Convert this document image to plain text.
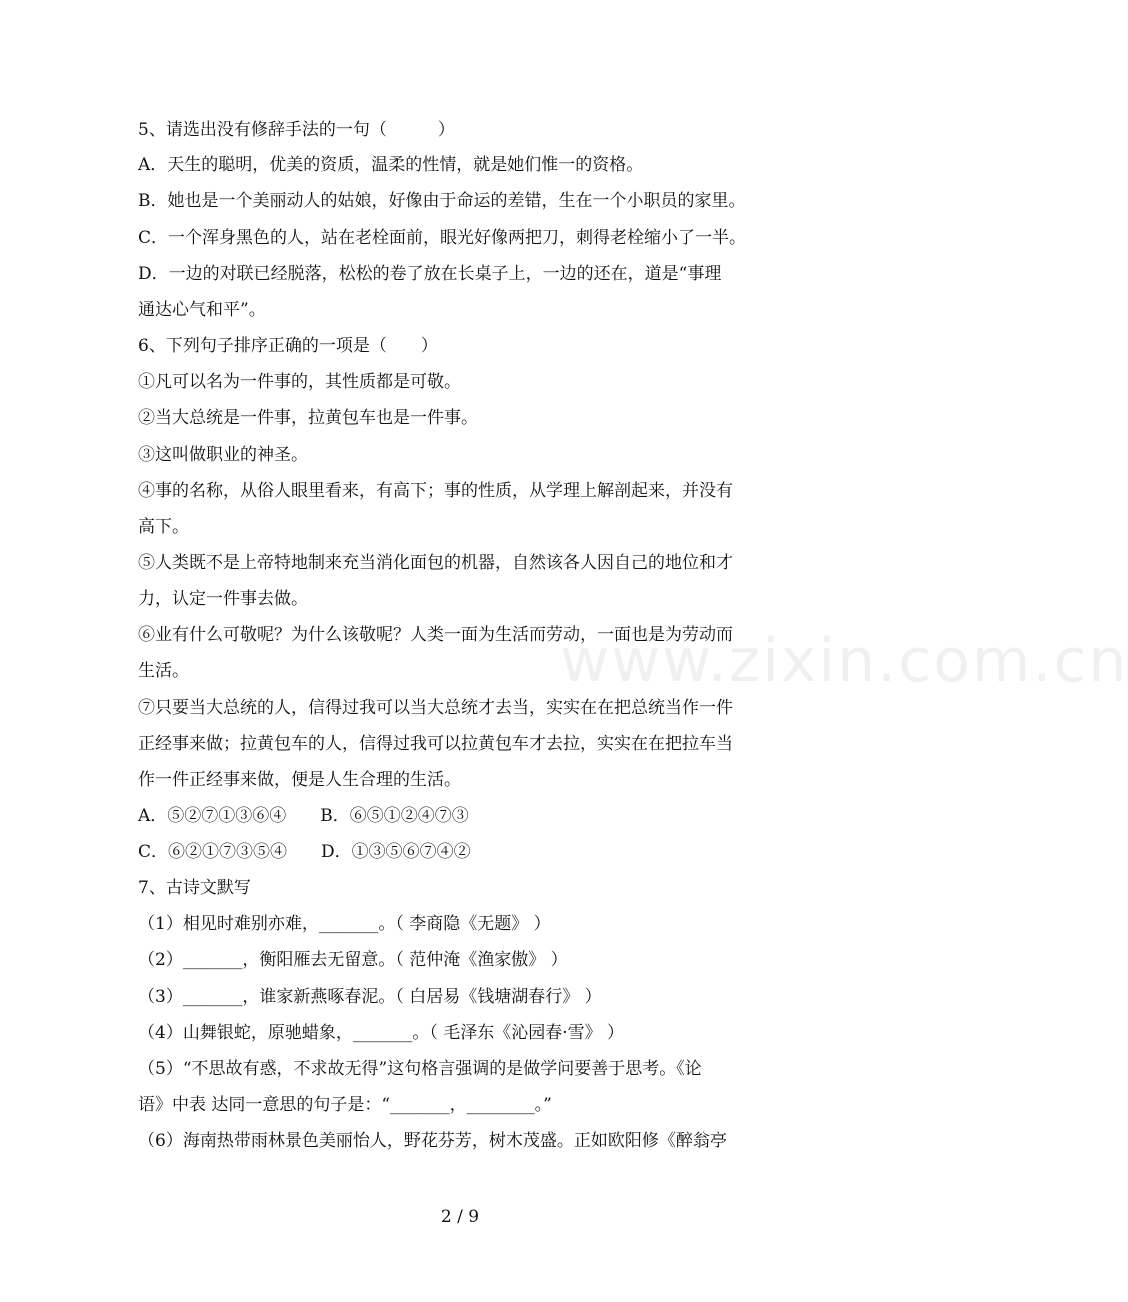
www.zixin.com.cn
5、请选出没有修辞手法的一句（　　　）
A．天生的聪明，优美的资质，温柔的性情，就是她们惟一的资格。
B．她也是一个美丽动人的姑娘，好像由于命运的差错，生在一个小职员的家里。
C．一个浑身黑色的人，站在老栓面前，眼光好像两把刀，刺得老栓缩小了一半。
D．一边的对联已经脱落，松松的卷了放在长桌子上，一边的还在，道是“事理
通达心气和平”。
6、下列句子排序正确的一项是（　　）
①凡可以名为一件事的，其性质都是可敬。
②当大总统是一件事，拉黄包车也是一件事。
③这叫做职业的神圣。
④事的名称，从俗人眼里看来，有高下；事的性质，从学理上解剖起来，并没有
高下。
⑤人类既不是上帝特地制来充当消化面包的机器，自然该各人因自己的地位和才
力，认定一件事去做。
⑥业有什么可敬呢？为什么该敬呢？人类一面为生活而劳动，一面也是为劳动而
生活。
⑦只要当大总统的人，信得过我可以当大总统才去当，实实在在把总统当作一件
正经事来做；拉黄包车的人，信得过我可以拉黄包车才去拉，实实在在把拉车当
作一件正经事来做，便是人生合理的生活。
A．⑤②⑦①③⑥④　　B．⑥⑤①②④⑦③
C．⑥②①⑦③⑤④　　D．①③⑤⑥⑦④②
7、古诗文默写
（1）相见时难别亦难，_______。（ 李商隐《无题》 ）
（2）_______，衡阳雁去无留意。（ 范仲淹《渔家傲》 ）
（3）_______，谁家新燕啄春泥。（ 白居易《钱塘湖春行》 ）
（4）山舞银蛇，原驰蜡象，_______。（ 毛泽东《沁园春·雪》 ）
（5）“不思故有惑，不求故无得”这句格言强调的是做学问要善于思考。《论
语》中表 达同一意思的句子是：“_______，________。”
（6）海南热带雨林景色美丽怡人，野花芬芳，树木茂盛。正如欧阳修《醉翁亭
2 / 9
